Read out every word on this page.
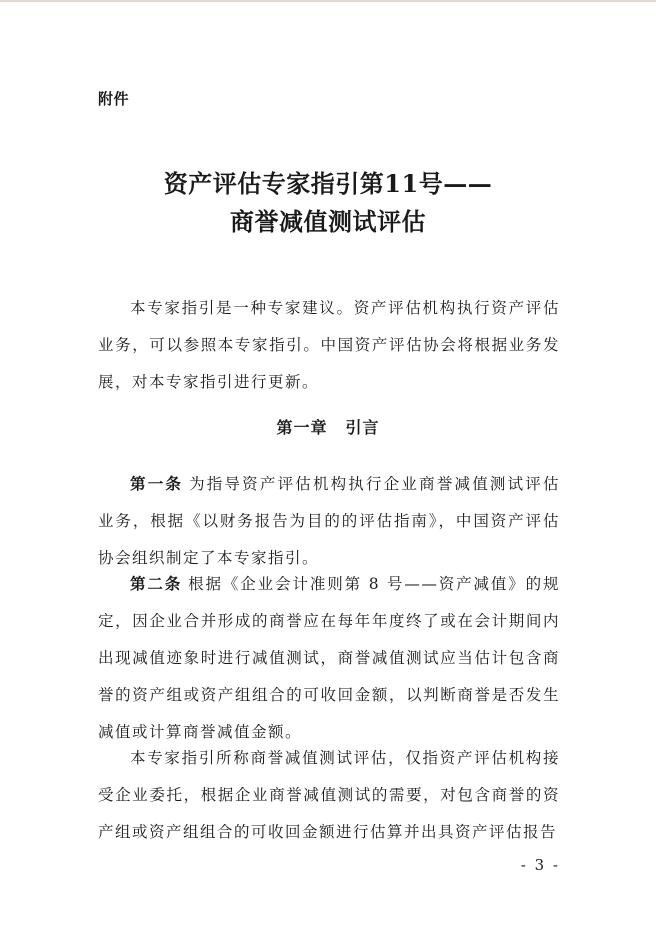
附件
资产评估专家指引第11号——
商誉减值测试评估

本专家指引是一种专家建议。资产评估机构执行资产评估业务，可以参照本专家指引。中国资产评估协会将根据业务发展，对本专家指引进行更新。

第一章 引言

第一条 为指导资产评估机构执行企业商誉减值测试评估业务，根据《以财务报告为目的的评估指南》，中国资产评估协会组织制定了本专家指引。

第二条 根据《企业会计准则第 8 号——资产减值》的规定，因企业合并形成的商誉应在每年年度终了或在会计期间内出现减值迹象时进行减值测试，商誉减值测试应当估计包含商誉的资产组或资产组组合的可收回金额，以判断商誉是否发生减值或计算商誉减值金额。

本专家指引所称商誉减值测试评估，仅指资产评估机构接受企业委托，根据企业商誉减值测试的需要，对包含商誉的资产组或资产组组合的可收回金额进行估算并出具资产评估报告

- 3 -
